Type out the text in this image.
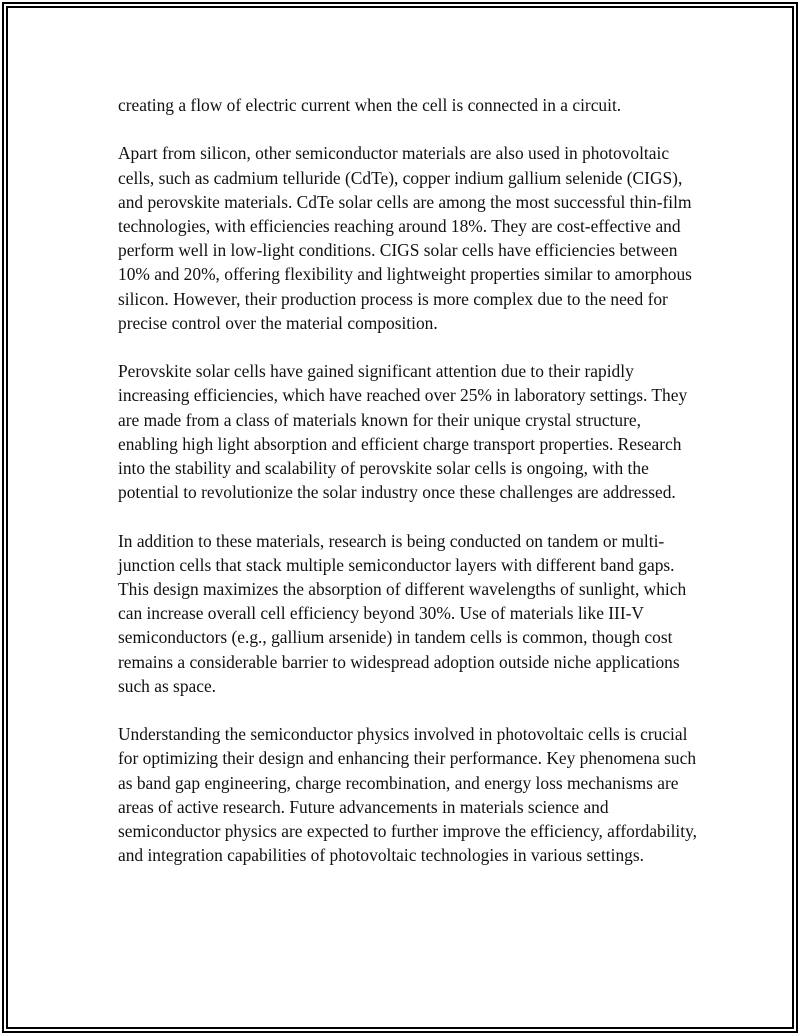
creating a flow of electric current when the cell is connected in a circuit.

Apart from silicon, other semiconductor materials are also used in photovoltaic cells, such as cadmium telluride (CdTe), copper indium gallium selenide (CIGS), and perovskite materials. CdTe solar cells are among the most successful thin-film technologies, with efficiencies reaching around 18%. They are cost-effective and perform well in low-light conditions. CIGS solar cells have efficiencies between 10% and 20%, offering flexibility and lightweight properties similar to amorphous silicon. However, their production process is more complex due to the need for precise control over the material composition.

Perovskite solar cells have gained significant attention due to their rapidly increasing efficiencies, which have reached over 25% in laboratory settings. They are made from a class of materials known for their unique crystal structure, enabling high light absorption and efficient charge transport properties. Research into the stability and scalability of perovskite solar cells is ongoing, with the potential to revolutionize the solar industry once these challenges are addressed.

In addition to these materials, research is being conducted on tandem or multi-junction cells that stack multiple semiconductor layers with different band gaps. This design maximizes the absorption of different wavelengths of sunlight, which can increase overall cell efficiency beyond 30%. Use of materials like III-V semiconductors (e.g., gallium arsenide) in tandem cells is common, though cost remains a considerable barrier to widespread adoption outside niche applications such as space.

Understanding the semiconductor physics involved in photovoltaic cells is crucial for optimizing their design and enhancing their performance. Key phenomena such as band gap engineering, charge recombination, and energy loss mechanisms are areas of active research. Future advancements in materials science and semiconductor physics are expected to further improve the efficiency, affordability, and integration capabilities of photovoltaic technologies in various settings.
